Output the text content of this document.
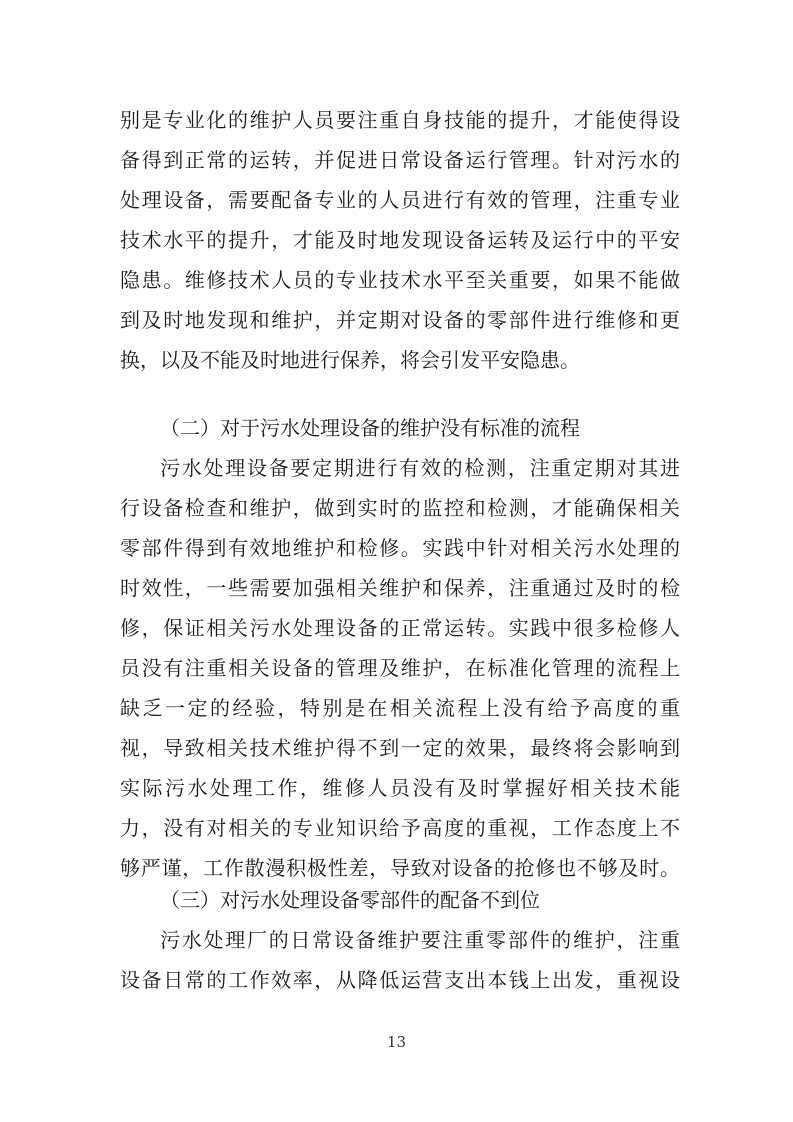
别是专业化的维护人员要注重自身技能的提升，才能使得设
备得到正常的运转，并促进日常设备运行管理。针对污水的
处理设备，需要配备专业的人员进行有效的管理，注重专业
技术水平的提升，才能及时地发现设备运转及运行中的平安
隐患。维修技术人员的专业技术水平至关重要，如果不能做
到及时地发现和维护，并定期对设备的零部件进行维修和更
换，以及不能及时地进行保养，将会引发平安隐患。
（二）对于污水处理设备的维护没有标准的流程
污水处理设备要定期进行有效的检测，注重定期对其进
行设备检查和维护，做到实时的监控和检测，才能确保相关
零部件得到有效地维护和检修。实践中针对相关污水处理的
时效性，一些需要加强相关维护和保养，注重通过及时的检
修，保证相关污水处理设备的正常运转。实践中很多检修人
员没有注重相关设备的管理及维护，在标准化管理的流程上
缺乏一定的经验，特别是在相关流程上没有给予高度的重
视，导致相关技术维护得不到一定的效果，最终将会影响到
实际污水处理工作，维修人员没有及时掌握好相关技术能
力，没有对相关的专业知识给予高度的重视，工作态度上不
够严谨，工作散漫积极性差，导致对设备的抢修也不够及时。
（三）对污水处理设备零部件的配备不到位
污水处理厂的日常设备维护要注重零部件的维护，注重
设备日常的工作效率，从降低运营支出本钱上出发，重视设
13
